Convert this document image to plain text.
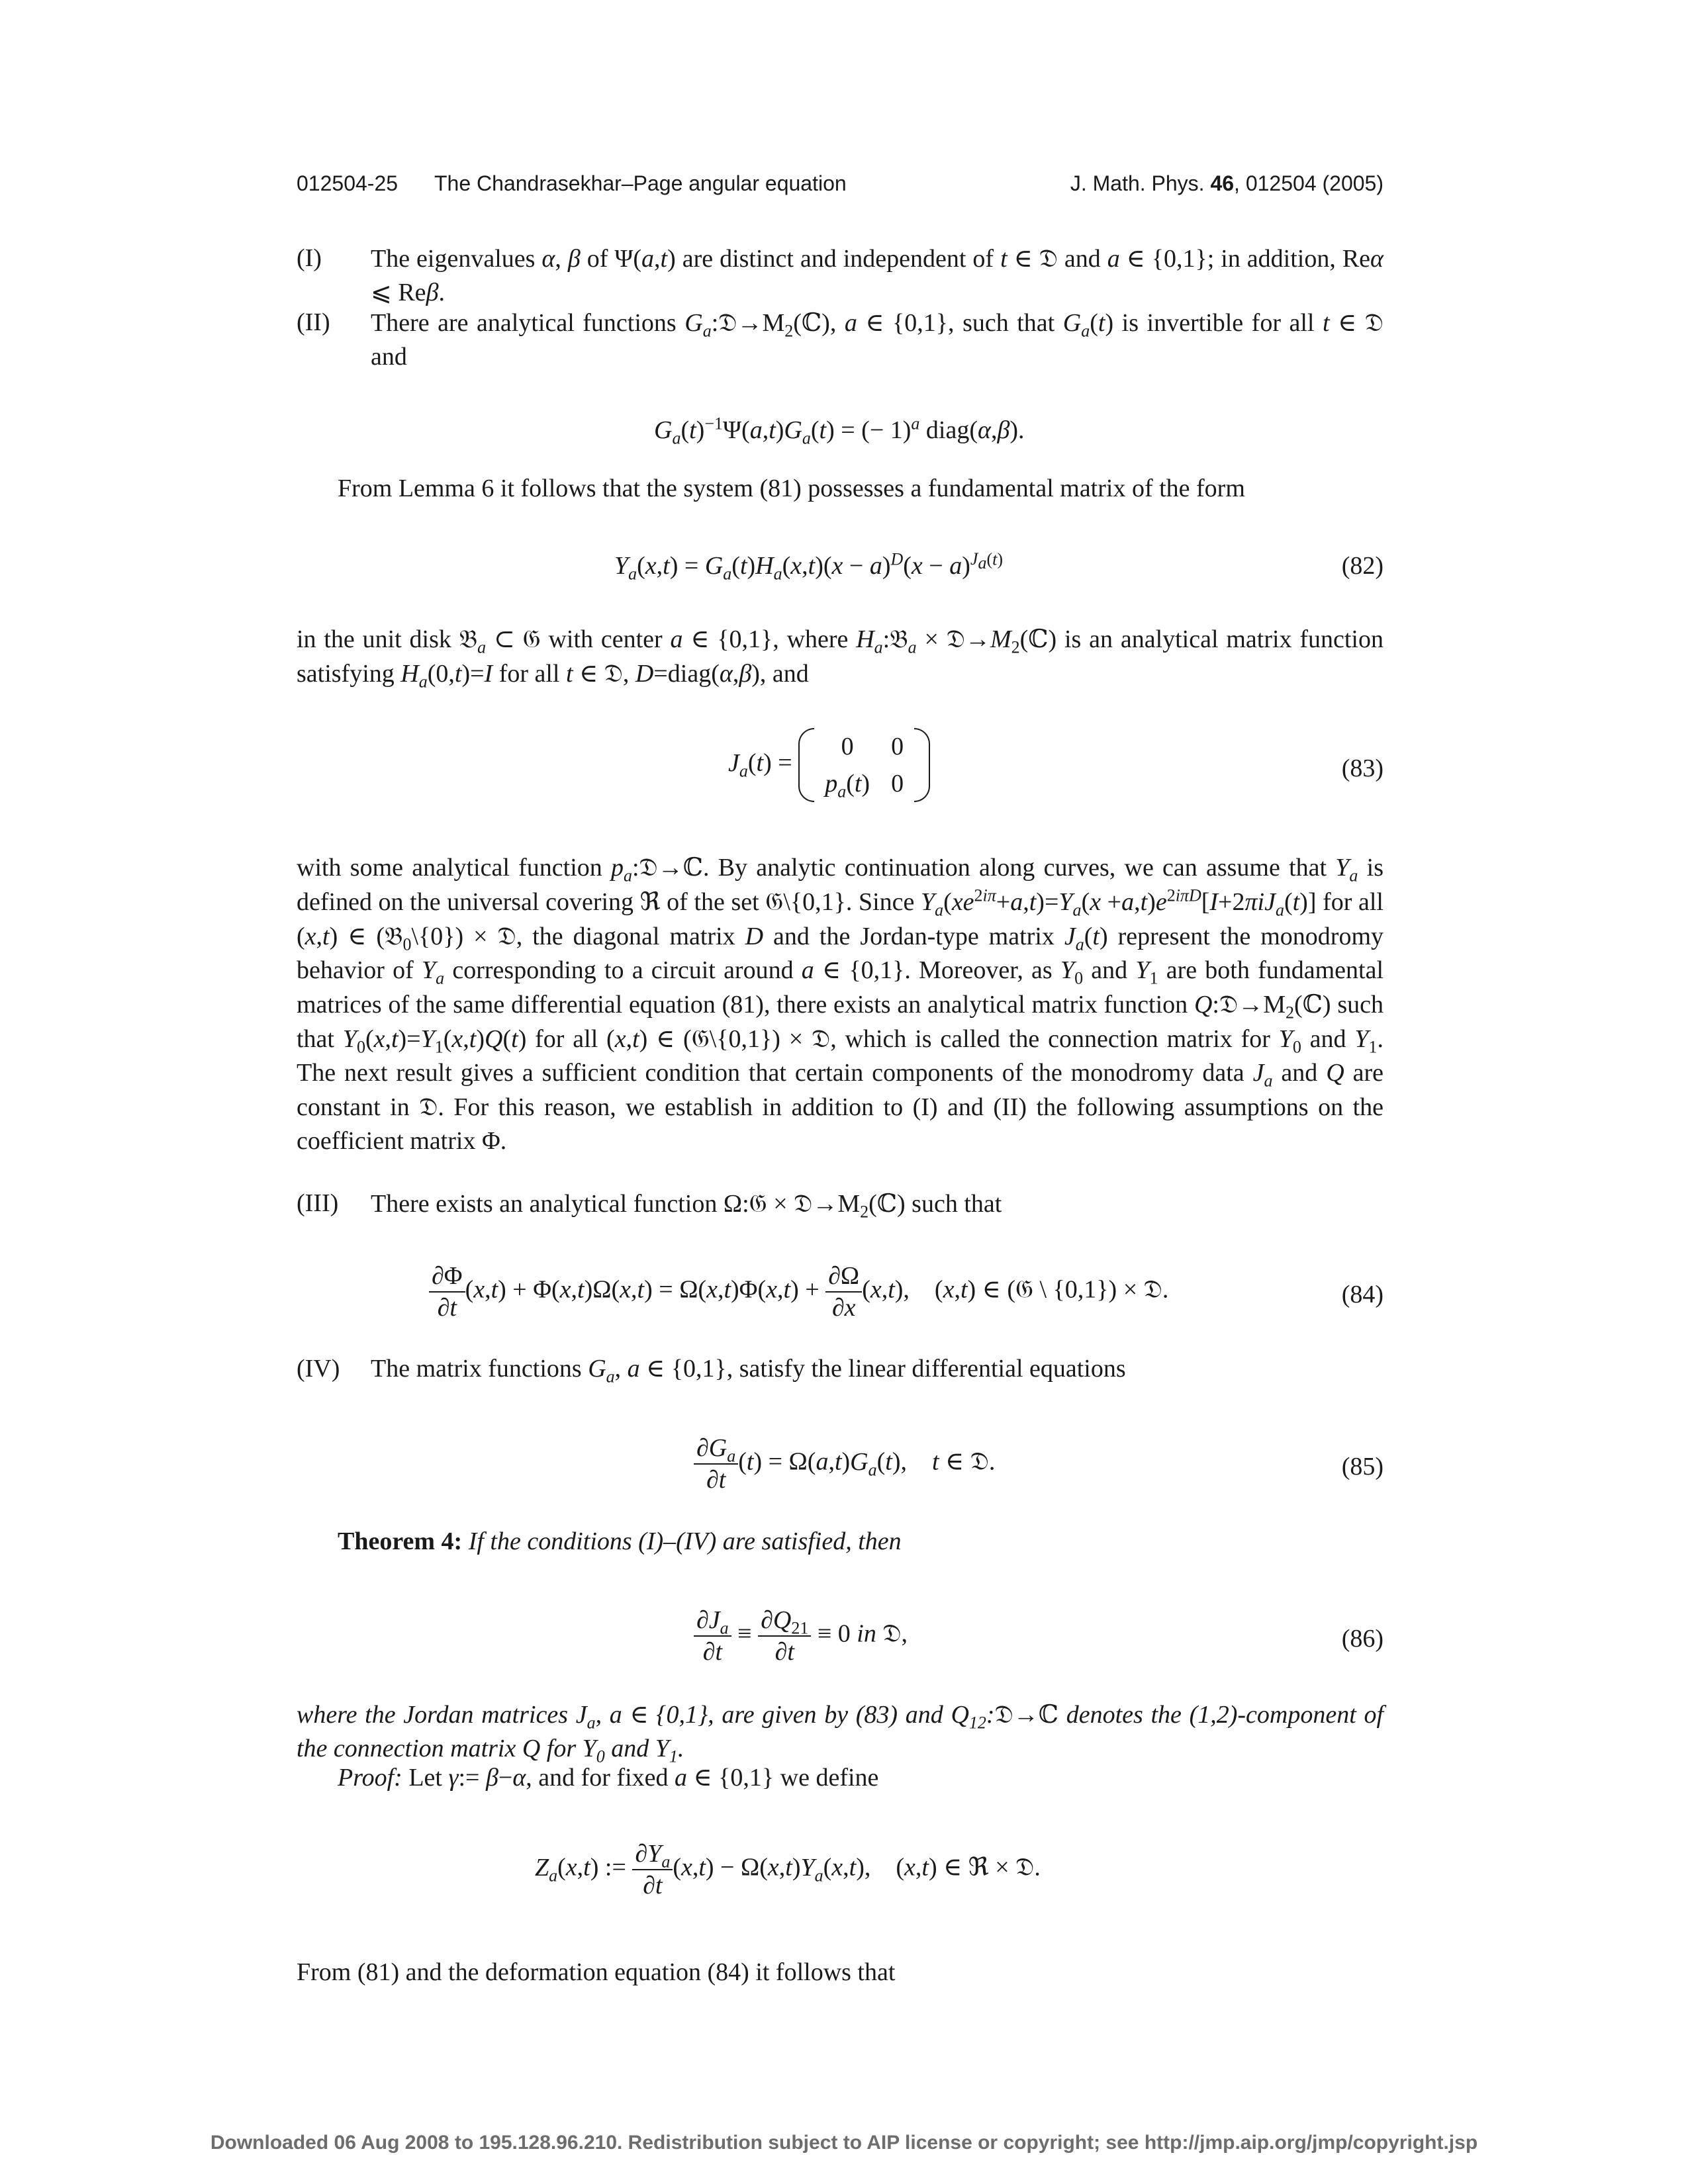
012504-25 The Chandrasekhar–Page angular equation	J. Math. Phys. 46, 012504 (2005)
(I) The eigenvalues α, β of Ψ(a,t) are distinct and independent of t ∈ 𝔇 and a ∈ {0,1}; in addition, Reα ⩽ Reβ.
(II) There are analytical functions $G_a:𝔇\to M_2(ℂ)$, a ∈ {0,1}, such that $G_a(t)$ is invertible for all t ∈ 𝔇 and
$G_a(t)^{-1}\Psi(a,t)G_a(t)$ = (− 1)$^a$ diag(α,β).
From Lemma 6 it follows that the system (81) possesses a fundamental matrix of the form
$Y_a(x,t) = G_a(t)H_a(x,t)(x - a)^D(x - a)^{J_a(t)}$	(82)
in the unit disk 𝔅$_a$ ⊂ 𝔊 with center a ∈ {0,1}, where $H_a:𝔅_a$ × $𝔇\to M_2(ℂ)$ is an analytical matrix function satisfying $H_a(0,t)=I$ for all t ∈ 𝔇, D=diag(α,β), and
$J_a(t)$ =
0	0
$p_a(t)$	0
(83)
with some analytical function $p_a:𝔇\to ℂ$. By analytic continuation along curves, we can assume that $Y_a$ is defined on the universal covering ℜ of the set 𝔊\{0,1}. Since $Y_a(xe^{2i\pi}+a,t)=Y_a(x +a,t)e^{2i\pi D}[I+2\pi iJ_a(t)]$ for all (x,t) ∈ (𝔅$_0$\{0}) × 𝔇, the diagonal matrix D and the Jordan-type matrix $J_a(t)$ represent the monodromy behavior of $Y_a$ corresponding to a circuit around a ∈ {0,1}. Moreover, as $Y_0$ and $Y_1$ are both fundamental matrices of the same differential equation (81), there exists an analytical matrix function $Q:𝔇\to M_2(ℂ)$ such that $Y_0(x,t)=Y_1(x,t)Q(t)$ for all (x,t) ∈ (𝔊\{0,1}) × 𝔇, which is called the connection matrix for $Y_0$ and $Y_1$. The next result gives a sufficient condition that certain components of the monodromy data $J_a$ and Q are constant in 𝔇. For this reason, we establish in addition to (I) and (II) the following assumptions on the coefficient matrix Φ.
(III) There exists an analytical function Ω:𝔊 × $𝔇\to M_2(ℂ)$ such that
$\frac{\partial\Phi}{\partial t} (x,t) + \Phi(x,t)\Omega(x,t) = \Omega(x,t)\Phi(x,t) + \frac{\partial\Omega}{\partial x} (x,t)$,    (x,t) ∈ (𝔊 \ {0,1}) × 𝔇.	(84)
(IV) The matrix functions $G_a$, a ∈ {0,1}, satisfy the linear differential equations
$\frac{\partial G_a}{\partial t} (t) = \Omega(a,t)G_a(t)$,    t ∈ 𝔇.	(85)
Theorem 4: If the conditions (I)–(IV) are satisfied, then
$\frac{\partial J_a}{\partial t} \equiv \frac{\partial Q_{21}}{\partial t} \equiv 0$ in 𝔇,	(86)
where the Jordan matrices $J_a$, a ∈ {0,1}, are given by (83) and $Q_{12}:𝔇\to ℂ$ denotes the (1,2)-component of the connection matrix Q for $Y_0$ and $Y_1$.
Proof: Let γ:= β−α, and for fixed a ∈ {0,1} we define
$Z_a(x,t)$ := $\frac{\partial Y_a}{\partial t} (x,t) - \Omega(x,t)Y_a(x,t)$,    (x,t) ∈ ℜ × 𝔇.
From (81) and the deformation equation (84) it follows that
Downloaded 06 Aug 2008 to 195.128.96.210. Redistribution subject to AIP license or copyright; see http://jmp.aip.org/jmp/copyright.jsp
